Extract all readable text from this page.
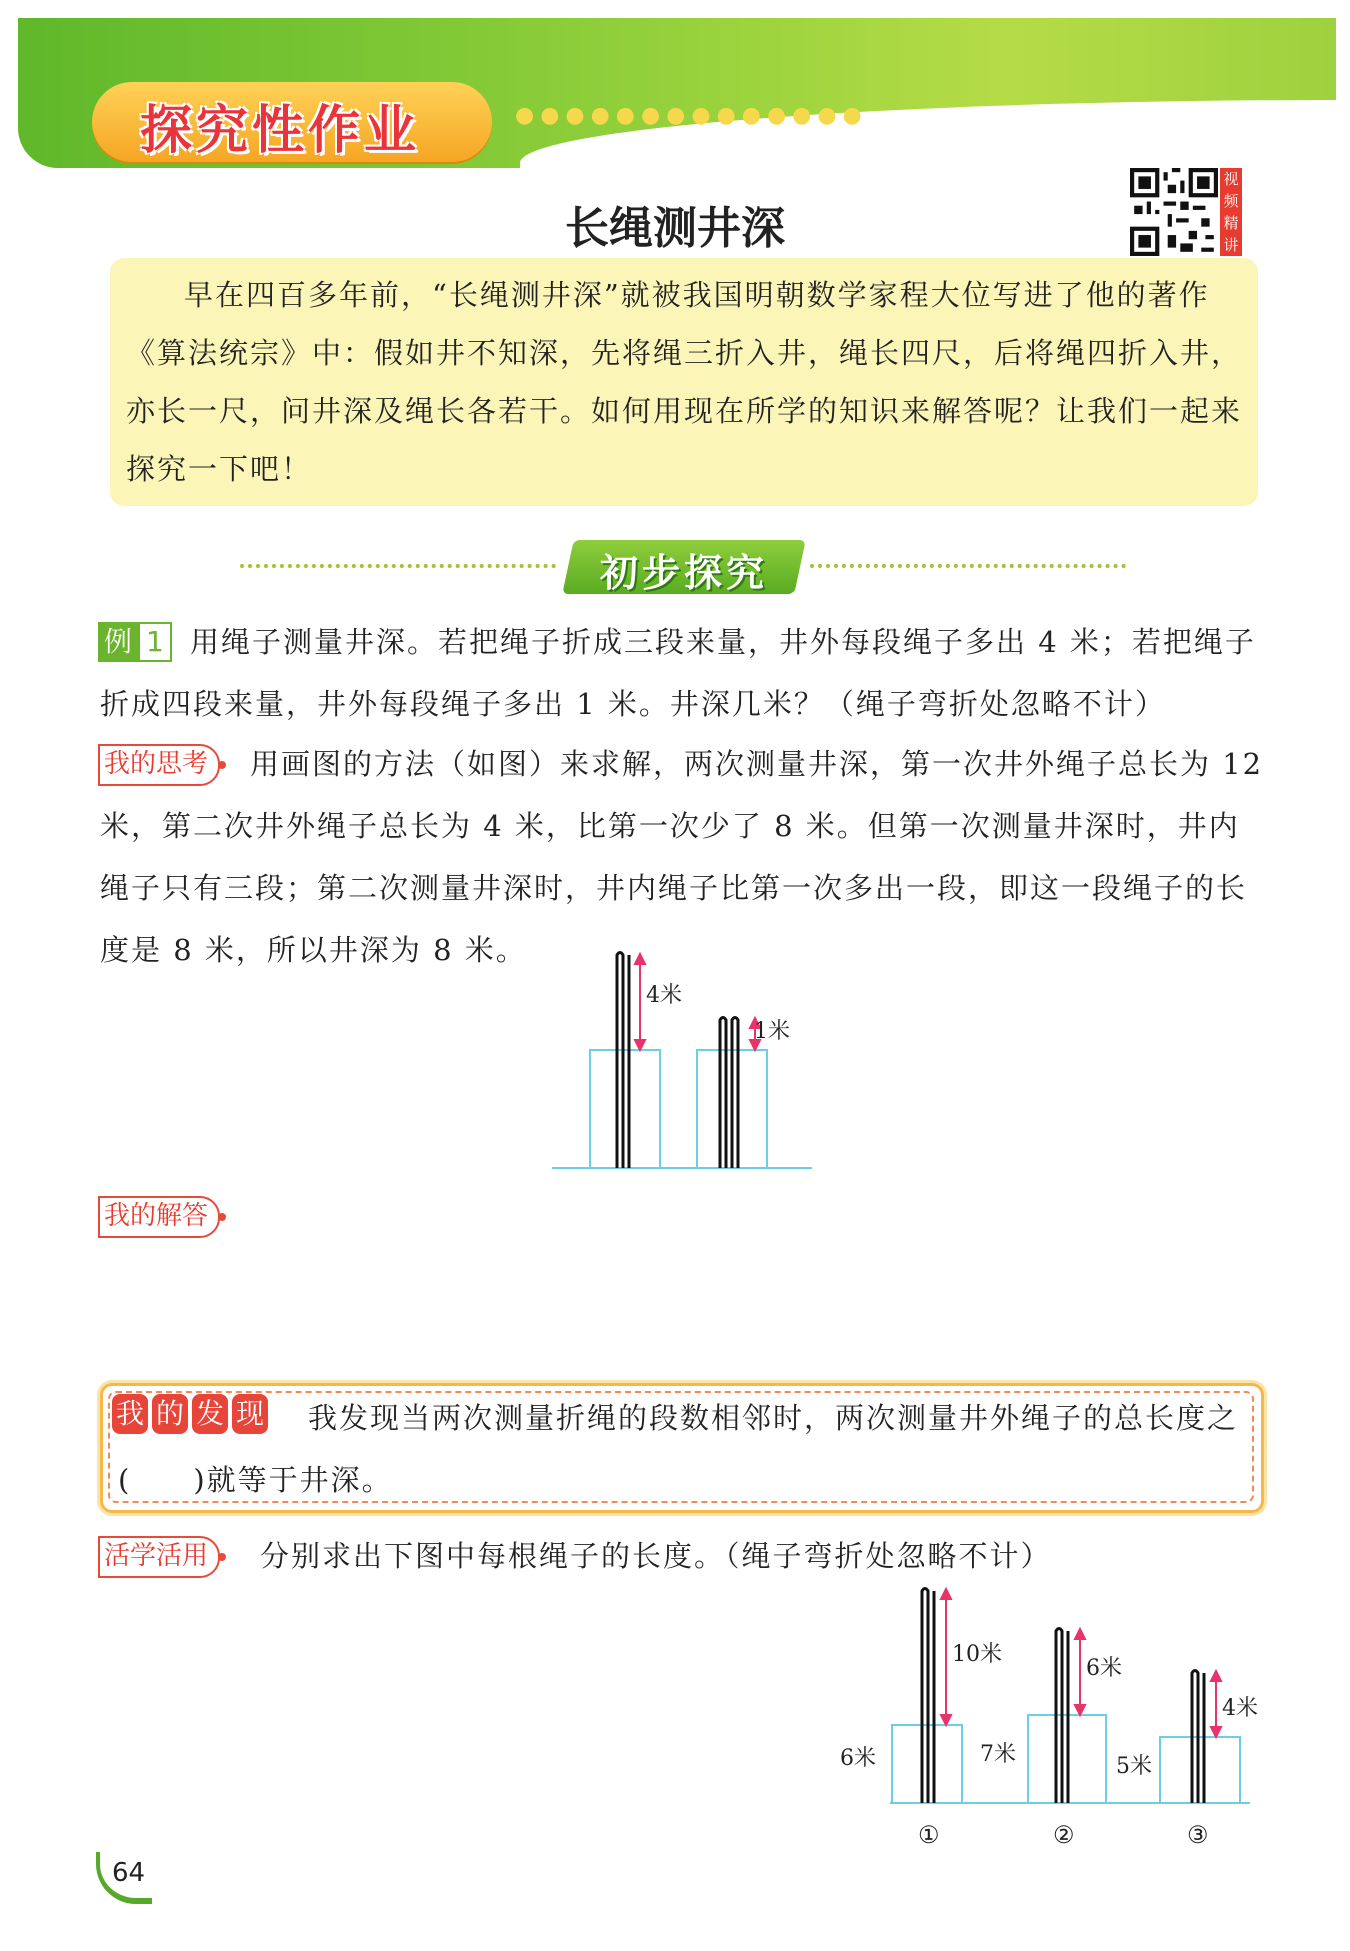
●●●●●●●●●●●●●●
探究性作业
长绳测井深
视频精讲
早在四百多年前，“长绳测井深”就被我国明朝数学家程大位写进了他的著作《算法统宗》中：假如井不知深，先将绳三折入井，绳长四尺，后将绳四折入井，亦长一尺，问井深及绳长各若干。如何用现在所学的知识来解答呢？让我们一起来探究一下吧！
初步探究
用绳子测量井深。若把绳子折成三段来量，井外每段绳子多出 4 米；若把绳子折成四段来量，井外每段绳子多出 1 米。井深几米？（绳子弯折处忽略不计）
例 1
用画图的方法（如图）来求解，两次测量井深，第一次井外绳子总长为 12 米，第二次井外绳子总长为 4 米，比第一次少了 8 米。但第一次测量井深时，井内绳子只有三段；第二次测量井深时，井内绳子比第一次多出一段，即这一段绳子的长度是 8 米，所以井深为 8 米。
我的思考
4米
1米
我的解答
我发现当两次测量折绳的段数相邻时，两次测量井外绳子的总长度之(　　)就等于井深。
我 的 发 现
分别求出下图中每根绳子的长度。（绳子弯折处忽略不计）
活学活用
10米
6米
①
6米
7米
②
4米
5米
③
64
